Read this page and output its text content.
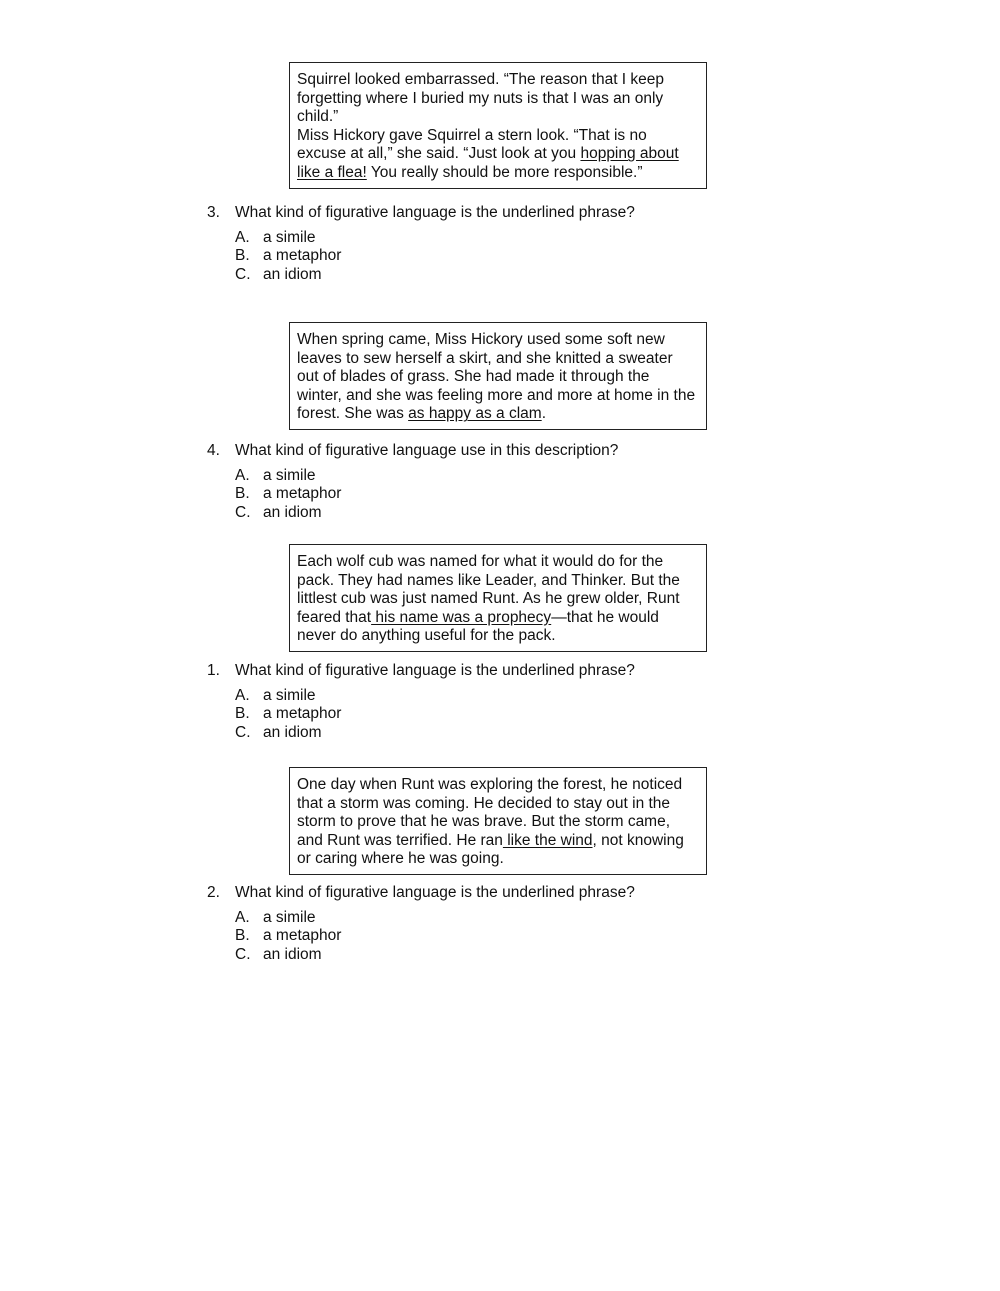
Squirrel looked embarrassed. “The reason that I keep forgetting where I buried my nuts is that I was an only child.”

Miss Hickory gave Squirrel a stern look. “That is no excuse at all,” she said. “Just look at you hopping about like a flea! You really should be more responsible.”

3. What kind of figurative language is the underlined phrase?
A. a simile
B. a metaphor
C. an idiom

When spring came, Miss Hickory used some soft new leaves to sew herself a skirt, and she knitted a sweater out of blades of grass. She had made it through the winter, and she was feeling more and more at home in the forest. She was as happy as a clam.

4. What kind of figurative language use in this description?
A. a simile
B. a metaphor
C. an idiom

Each wolf cub was named for what it would do for the pack. They had names like Leader, and Thinker. But the littlest cub was just named Runt. As he grew older, Runt feared that his name was a prophecy—that he would never do anything useful for the pack.

1. What kind of figurative language is the underlined phrase?
A. a simile
B. a metaphor
C. an idiom

One day when Runt was exploring the forest, he noticed that a storm was coming. He decided to stay out in the storm to prove that he was brave. But the storm came, and Runt was terrified. He ran like the wind, not knowing or caring where he was going.

2. What kind of figurative language is the underlined phrase?
A. a simile
B. a metaphor
C. an idiom
